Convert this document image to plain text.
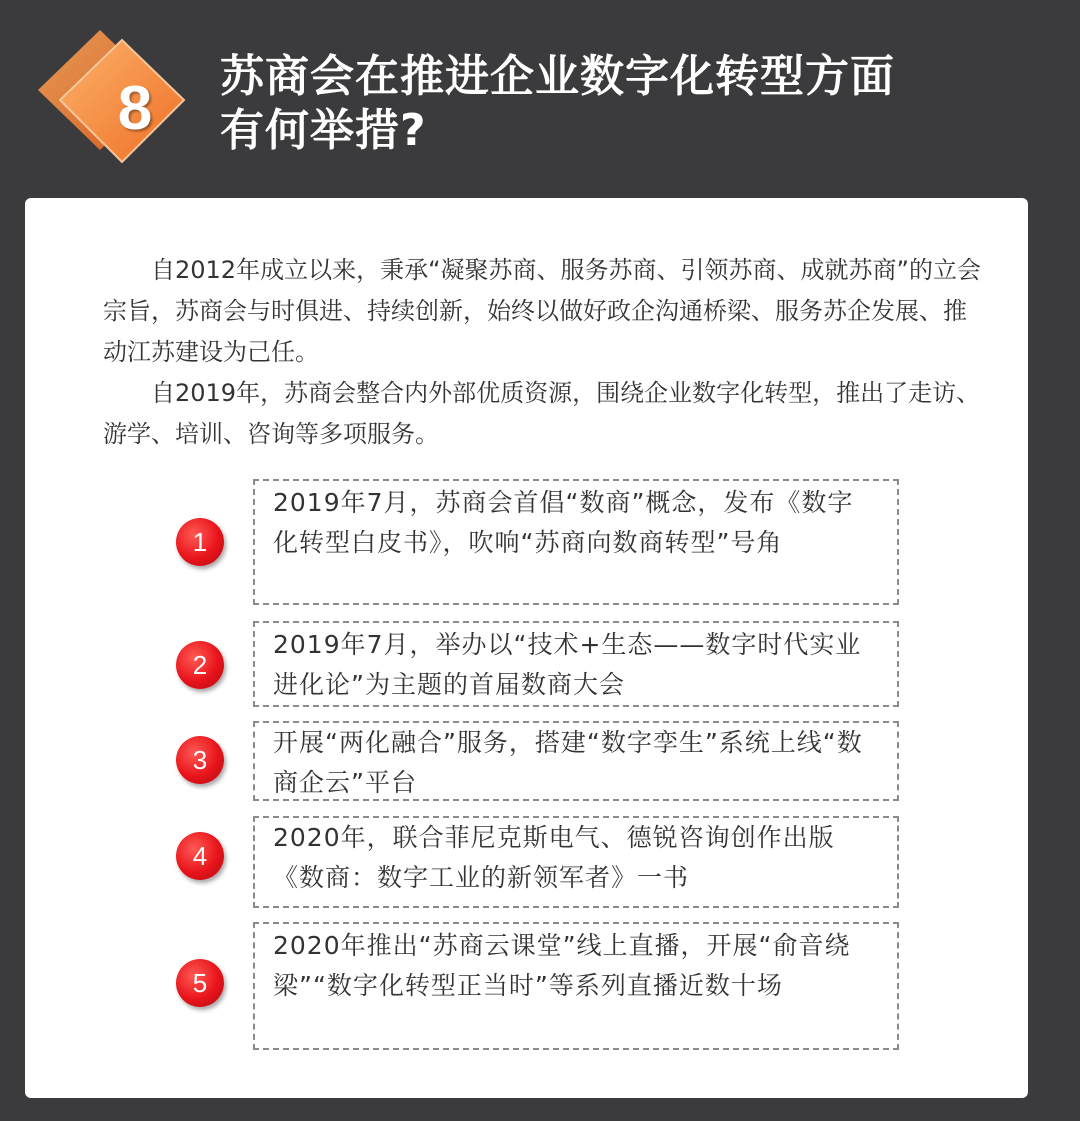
8	苏商会在推进企业数字化转型方面
有何举措?

自2012年成立以来，秉承“凝聚苏商、服务苏商、引领苏商、成就苏商”的立会宗旨，苏商会与时俱进、持续创新，始终以做好政企沟通桥梁、服务苏企发展、推动江苏建设为己任。

自2019年，苏商会整合内外部优质资源，围绕企业数字化转型，推出了走访、游学、培训、咨询等多项服务。

1
2019年7月，苏商会首倡“数商”概念，发布《数字化转型白皮书》，吹响“苏商向数商转型”号角
2
2019年7月，举办以“技术+生态——数字时代实业进化论”为主题的首届数商大会
3
开展“两化融合”服务，搭建“数字孪生”系统上线“数商企云”平台
4
2020年，联合菲尼克斯电气、德锐咨询创作出版《数商：数字工业的新领军者》一书
5
2020年推出“苏商云课堂”线上直播，开展“俞音绕梁”“数字化转型正当时”等系列直播近数十场
